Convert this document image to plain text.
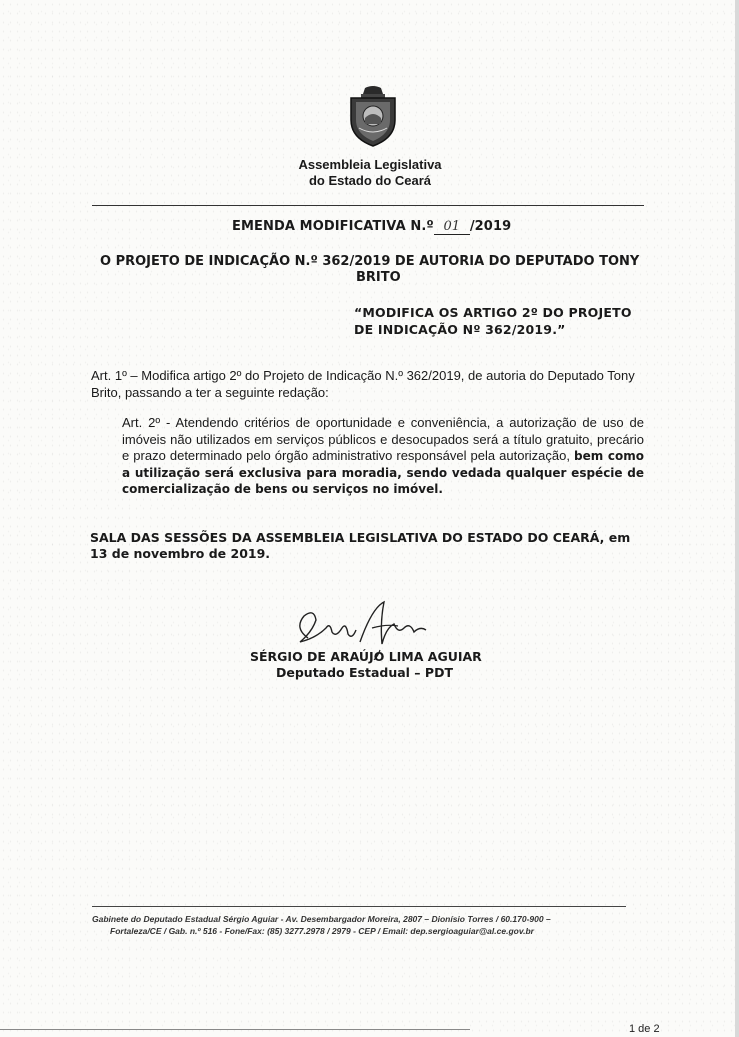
Assembleia Legislativa
do Estado do Ceará
EMENDA MODIFICATIVA N.º 01 /2019
O PROJETO DE INDICAÇÃO N.º 362/2019 DE AUTORIA DO DEPUTADO TONY
BRITO
“MODIFICA OS ARTIGO 2º DO PROJETO
DE INDICAÇÃO Nº 362/2019.”
Art. 1º – Modifica artigo 2º do Projeto de Indicação N.º 362/2019, de autoria do Deputado Tony Brito, passando a ter a seguinte redação:
Art. 2º - Atendendo critérios de oportunidade e conveniência, a autorização de uso de imóveis não utilizados em serviços públicos e desocupados será a título gratuito, precário e prazo determinado pelo órgão administrativo responsável pela autorização, bem como a utilização será exclusiva para moradia, sendo vedada qualquer espécie de comercialização de bens ou serviços no imóvel.
SALA DAS SESSÕES DA ASSEMBLEIA LEGISLATIVA DO ESTADO DO CEARÁ, em 13 de novembro de 2019.
SÉRGIO DE ARAÚJO LIMA AGUIAR
Deputado Estadual – PDT
Gabinete do Deputado Estadual Sérgio Aguiar - Av. Desembargador Moreira, 2807 – Dionísio Torres / 60.170-900 –
Fortaleza/CE / Gab. n.º 516 - Fone/Fax: (85) 3277.2978 / 2979 - CEP / Email: dep.sergioaguiar@al.ce.gov.br
1 de 2
